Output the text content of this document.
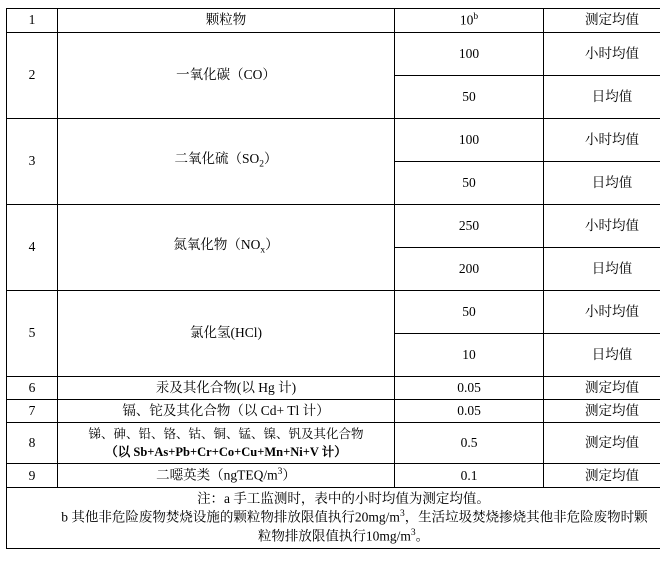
1	颗粒物	10$^b$	测定均值
2	一氧化碳（CO）	100	小时均值
		50	日均值
3	二氧化硫$(SO_2)$	100	小时均值
		50	日均值
4	氮氧化物$(NO_x)$	250	小时均值
		200	日均值
5	氯化氢(HCl)	50	小时均值
		10	日均值
6	汞及其化合物(以 Hg 计)	0.05	测定均值
7	镉、铊及其化合物（以 Cd+ Tl 计）	0.05	测定均值
8	锑、砷、铅、铬、钴、铜、锰、镍、钒及其化合物
（以 Sb+As+Pb+Cr+Co+Cu+Mn+Ni+V 计）	0.5	测定均值
9	二噁英类$(ngTEQ/m^3)$	0.1	测定均值

注：a 手工监测时，表中的小时均值为测定均值。
b 其他非危险废物焚烧设施的颗粒物排放限值执行20mg/m$^3$，生活垃圾焚烧掺烧其他非危险废物时颗
粒物排放限值执行10mg/m$^3$。			
